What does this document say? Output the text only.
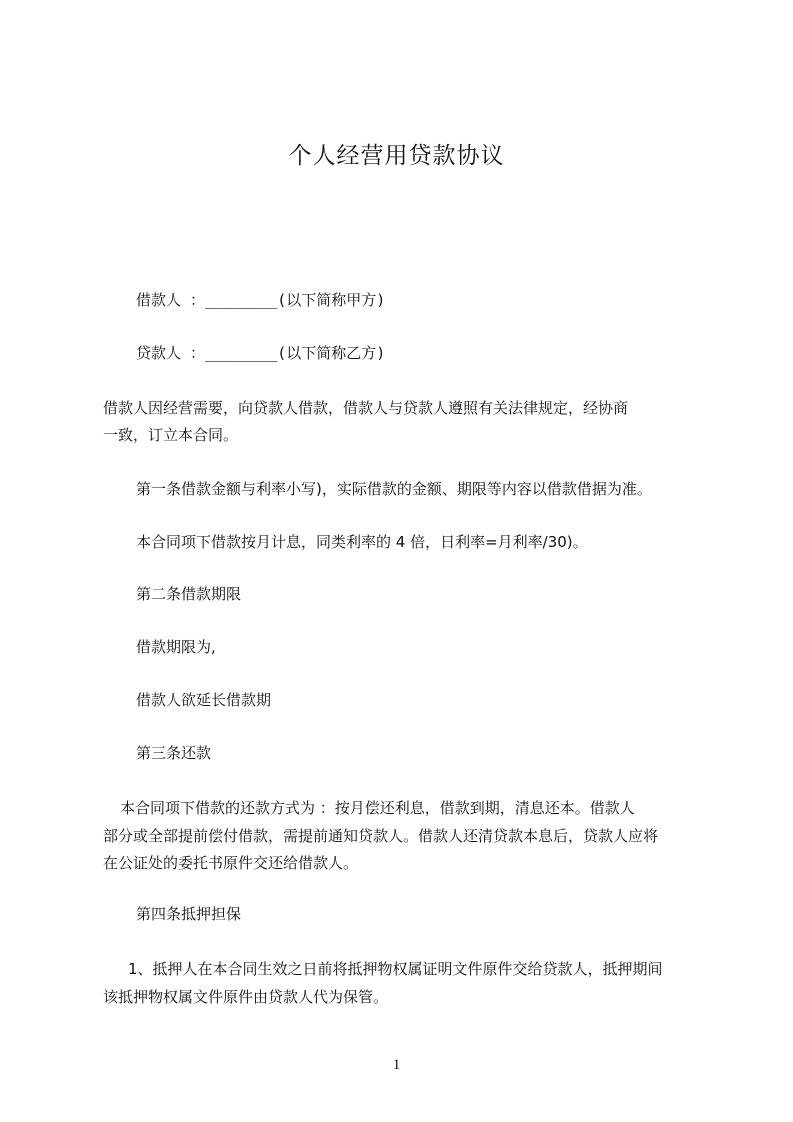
个人经营用贷款协议
借款人 ：________(以下简称甲方)
贷款人 ：________(以下简称乙方)
借款人因经营需要，向贷款人借款，借款人与贷款人遵照有关法律规定，经协商
一致，订立本合同。
第一条借款金额与利率小写)，实际借款的金额、期限等内容以借款借据为准。
本合同项下借款按月计息，同类利率的 4 倍，日利率=月利率/30)。
第二条借款期限
借款期限为,
借款人欲延长借款期
第三条还款
本合同项下借款的还款方式为 ：按月偿还利息，借款到期，清息还本。借款人
部分或全部提前偿付借款，需提前通知贷款人。借款人还清贷款本息后，贷款人应将
在公证处的委托书原件交还给借款人。
第四条抵押担保
1、抵押人在本合同生效之日前将抵押物权属证明文件原件交给贷款人，抵押期间
该抵押物权属文件原件由贷款人代为保管。
1
